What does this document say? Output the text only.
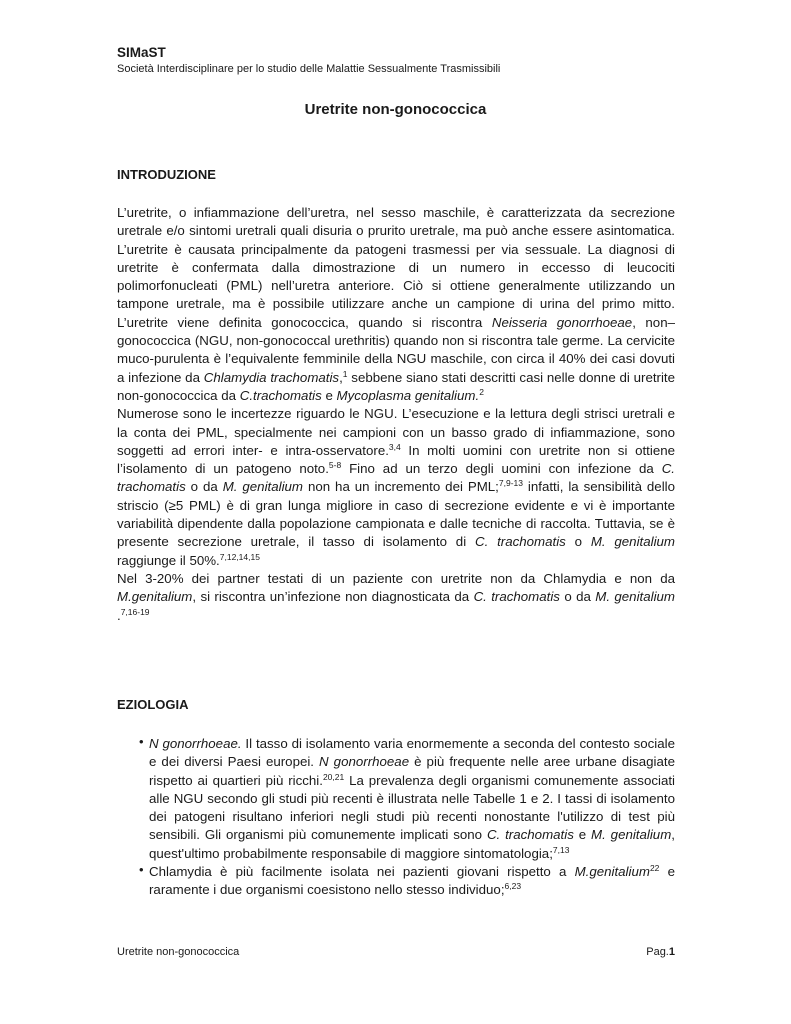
SIMaST
Società Interdisciplinare per lo studio delle Malattie Sessualmente Trasmissibili
Uretrite non-gonococcica
INTRODUZIONE

L’uretrite, o infiammazione dell’uretra, nel sesso maschile, è caratterizzata da secrezione uretrale e/o sintomi uretrali quali disuria o prurito uretrale, ma può anche essere asintomatica. L’uretrite è causata principalmente da patogeni trasmessi per via sessuale. La diagnosi di uretrite è confermata dalla dimostrazione di un numero in eccesso di leucociti polimorfonucleati (PML) nell’uretra anteriore. Ciò si ottiene generalmente utilizzando un tampone uretrale, ma è possibile utilizzare anche un campione di urina del primo mitto. L’uretrite viene definita gonococcica, quando si riscontra Neisseria gonorrhoeae, non–gonococcica (NGU, non-gonococcal urethritis) quando non si riscontra tale germe. La cervicite muco-purulenta è l’equivalente femminile della NGU maschile, con circa il 40% dei casi dovuti a infezione da Chlamydia trachomatis,$^1$ sebbene siano stati descritti casi nelle donne di uretrite non-gonococcica da C.trachomatis e Mycoplasma genitalium.$^2$

Numerose sono le incertezze riguardo le NGU. L’esecuzione e la lettura degli strisci uretrali e la conta dei PML, specialmente nei campioni con un basso grado di infiammazione, sono soggetti ad errori inter- e intra-osservatore.$^{3,4}$ In molti uomini con uretrite non si ottiene l’isolamento di un patogeno noto.$^{5-8}$ Fino ad un terzo degli uomini con infezione da C. trachomatis o da M. genitalium non ha un incremento dei PML;$^{7,9-13}$ infatti, la sensibilità dello striscio (≥5 PML) è di gran lunga migliore in caso di secrezione evidente e vi è importante variabilità dipendente dalla popolazione campionata e dalle tecniche di raccolta. Tuttavia, se è presente secrezione uretrale, il tasso di isolamento di C. trachomatis o M. genitalium raggiunge il 50%.$^{7,12,14,15}$

Nel 3-20% dei partner testati di un paziente con uretrite non da Chlamydia e non da M.genitalium, si riscontra un’infezione non diagnosticata da C. trachomatis o da M. genitalium .$^{7,16-19}$

EZIOLOGIA
• N gonorrhoeae. Il tasso di isolamento varia enormemente a seconda del contesto sociale e dei diversi Paesi europei. N gonorrhoeae è più frequente nelle aree urbane disagiate rispetto ai quartieri più ricchi.$^{20,21}$ La prevalenza degli organismi comunemente associati alle NGU secondo gli studi più recenti è illustrata nelle Tabelle 1 e 2. I tassi di isolamento dei patogeni risultano inferiori negli studi più recenti nonostante l'utilizzo di test più sensibili. Gli organismi più comunemente implicati sono C. trachomatis e M. genitalium, quest'ultimo probabilmente responsabile di maggiore sintomatologia;$^{7,13}$
• Chlamydia è più facilmente isolata nei pazienti giovani rispetto a M.genitalium$^{22}$ e raramente i due organismi coesistono nello stesso individuo;$^{6,23}$
Uretrite non-gonococcica	Pag.1
